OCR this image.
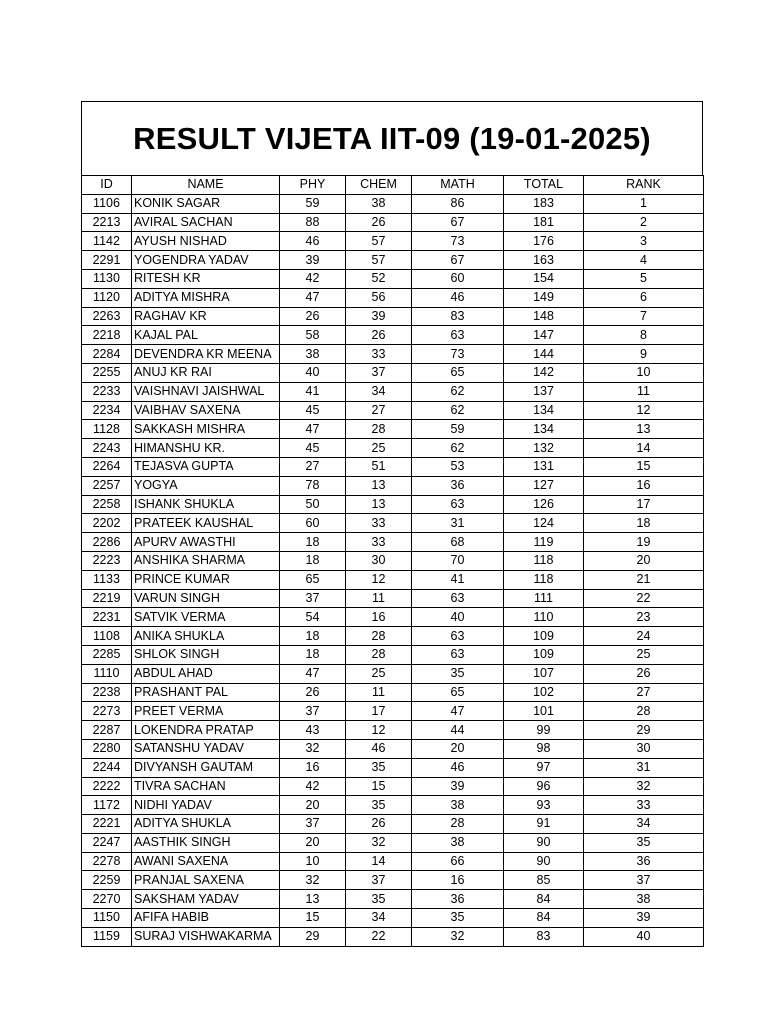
RESULT VIJETA IIT-09 (19-01-2025)
ID	NAME	PHY	CHEM	MATH	TOTAL	RANK
1106	KONIK SAGAR	59	38	86	183	1
2213	AVIRAL SACHAN	88	26	67	181	2
1142	AYUSH NISHAD	46	57	73	176	3
2291	YOGENDRA YADAV	39	57	67	163	4
1130	RITESH KR	42	52	60	154	5
1120	ADITYA MISHRA	47	56	46	149	6
2263	RAGHAV KR	26	39	83	148	7
2218	KAJAL PAL	58	26	63	147	8
2284	DEVENDRA KR MEENA	38	33	73	144	9
2255	ANUJ KR RAI	40	37	65	142	10
2233	VAISHNAVI JAISHWAL	41	34	62	137	11
2234	VAIBHAV SAXENA	45	27	62	134	12
1128	SAKKASH MISHRA	47	28	59	134	13
2243	HIMANSHU KR.	45	25	62	132	14
2264	TEJASVA GUPTA	27	51	53	131	15
2257	YOGYA	78	13	36	127	16
2258	ISHANK SHUKLA	50	13	63	126	17
2202	PRATEEK KAUSHAL	60	33	31	124	18
2286	APURV AWASTHI	18	33	68	119	19
2223	ANSHIKA SHARMA	18	30	70	118	20
1133	PRINCE KUMAR	65	12	41	118	21
2219	VARUN SINGH	37	11	63	111	22
2231	SATVIK VERMA	54	16	40	110	23
1108	ANIKA SHUKLA	18	28	63	109	24
2285	SHLOK SINGH	18	28	63	109	25
1110	ABDUL AHAD	47	25	35	107	26
2238	PRASHANT PAL	26	11	65	102	27
2273	PREET VERMA	37	17	47	101	28
2287	LOKENDRA PRATAP	43	12	44	99	29
2280	SATANSHU YADAV	32	46	20	98	30
2244	DIVYANSH GAUTAM	16	35	46	97	31
2222	TIVRA SACHAN	42	15	39	96	32
1172	NIDHI YADAV	20	35	38	93	33
2221	ADITYA SHUKLA	37	26	28	91	34
2247	AASTHIK SINGH	20	32	38	90	35
2278	AWANI SAXENA	10	14	66	90	36
2259	PRANJAL SAXENA	32	37	16	85	37
2270	SAKSHAM YADAV	13	35	36	84	38
1150	AFIFA HABIB	15	34	35	84	39
1159	SURAJ VISHWAKARMA	29	22	32	83	40
